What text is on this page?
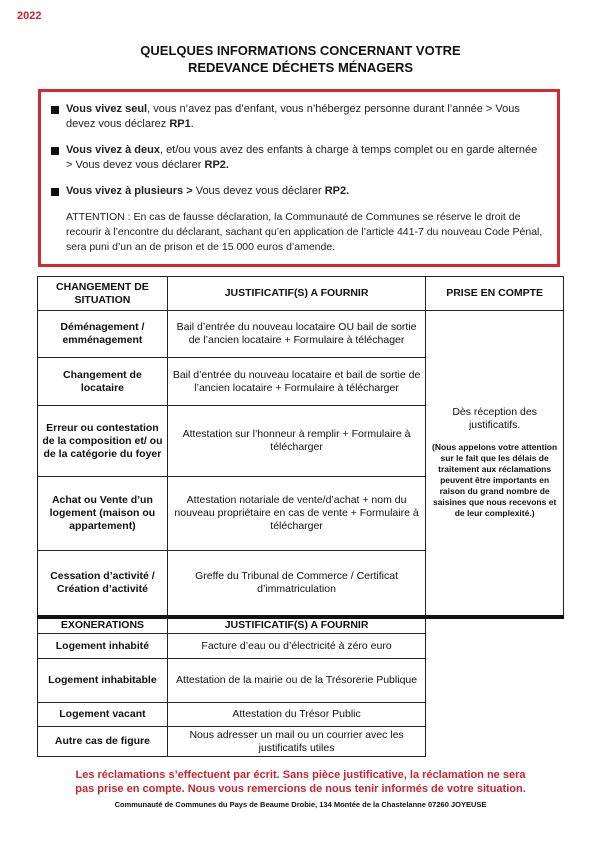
2022
QUELQUES INFORMATIONS CONCERNANT VOTRE
REDEVANCE DÉCHETS MÉNAGERS
Vous vivez seul, vous n’avez pas d’enfant, vous n’hébergez personne durant l’année > Vous devez vous déclarez RP1.
Vous vivez à deux, et/ou vous avez des enfants à charge à temps complet ou en garde alternée > Vous devez vous déclarer RP2.
Vous vivez à plusieurs > Vous devez vous déclarer RP2.
ATTENTION : En cas de fausse déclaration, la Communauté de Communes se réserve le droit de recourir à l’encontre du déclarant, sachant qu’en application de l’article 441-7 du nouveau Code Pénal, sera puni d’un an de prison et de 15 000 euros d’amende.
CHANGEMENT DE SITUATION	JUSTIFICATIF(S) A FOURNIR	PRISE EN COMPTE
Déménagement / emménagement	Bail d’entrée du nouveau locataire OU bail de sortie de l’ancien locataire + Formulaire à téléchager	Dès réception des justificatifs.
(Nous appelons votre attention sur le fait que les délais de traitement aux réclamations peuvent être importants en raison du grand nombre de saisines que nous recevons et de leur complexité.)

Changement de locataire	Bail d’entrée du nouveau locataire et bail de sortie de l’ancien locataire + Formulaire à télécharger	
Erreur ou contestation de la composition et/ ou de la catégorie du foyer	Attestation sur l’honneur à remplir + Formulaire à télécharger	
Achat ou Vente d’un logement (maison ou appartement)	Attestation notariale de vente/d’achat + nom du nouveau propriétaire en cas de vente + Formulaire à télécharger	
Cessation d’activité / Création d’activité	Greffe du Tribunal de Commerce / Certificat d’immatriculation	
EXONERATIONS	JUSTIFICATIF(S) A FOURNIR	
Logement inhabité	Facture d’eau ou d’électricité à zéro euro	
Logement inhabitable	Attestation de la mairie ou de la Trésorerie Publique	
Logement vacant	Attestation du Trésor Public	
Autre cas de figure	Nous adresser un mail ou un courrier avec les justificatifs utiles	
Les réclamations s’effectuent par écrit. Sans pièce justificative, la réclamation ne sera
pas prise en compte. Nous vous remercions de nous tenir informés de votre situation.
Communauté de Communes du Pays de Beaume Drobie, 134 Montée de la Chastelanne 07260 JOYEUSE
